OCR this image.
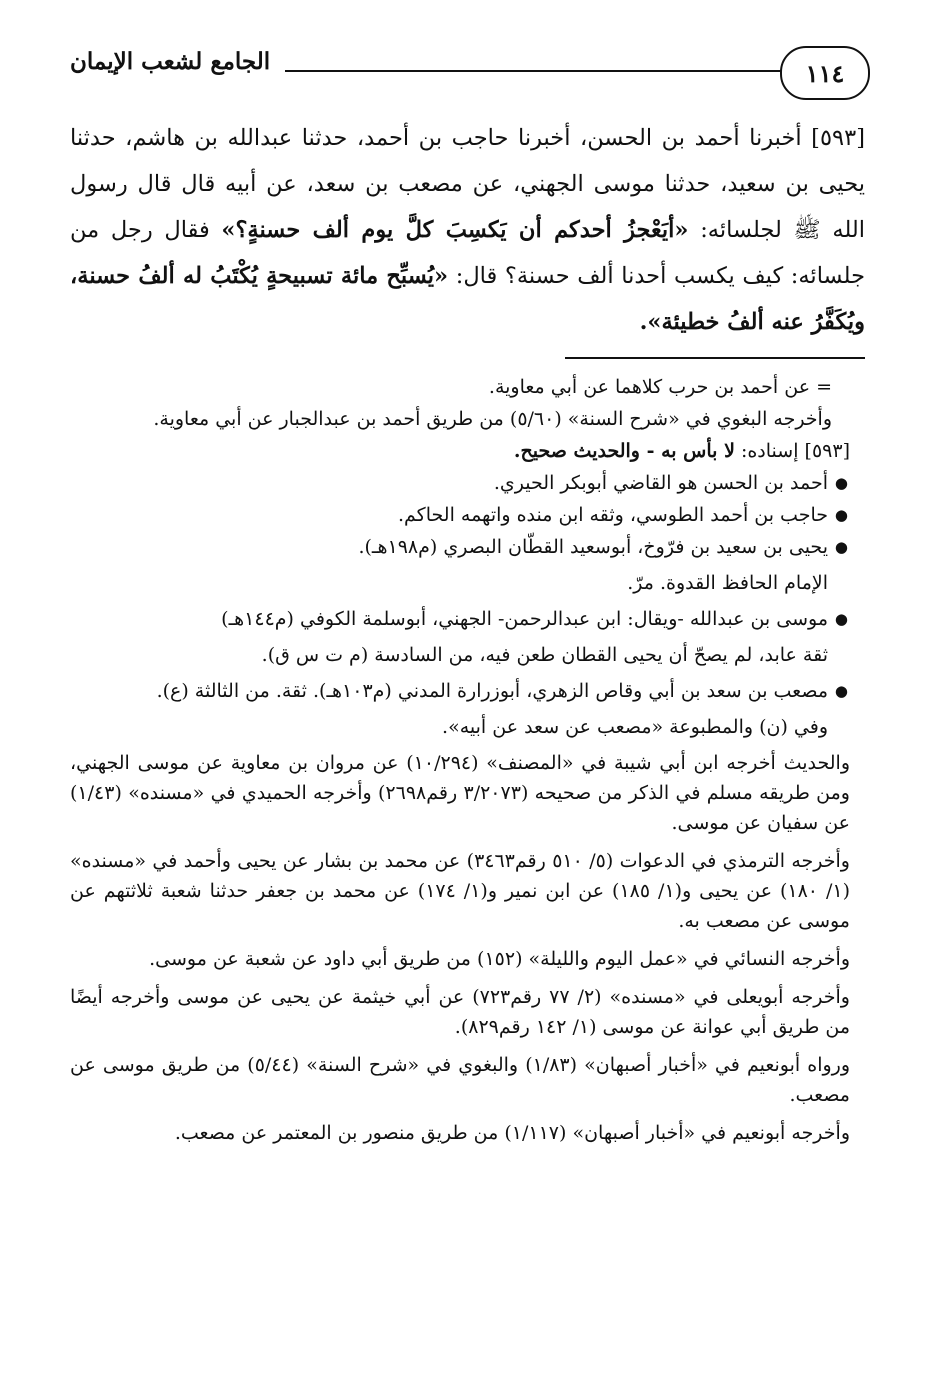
١١٤
الجامع لشعب الإيمان
[٥٩٣] أخبرنا أحمد بن الحسن، أخبرنا حاجب بن أحمد، حدثنا عبدالله بن هاشم، حدثنا يحيى بن سعيد، حدثنا موسى الجهني، عن مصعب بن سعد، عن أبيه قال قال رسول الله ﷺ لجلسائه: «أيَعْجزُ أحدكم أن يَكسِبَ كلَّ يوم ألف حسنةٍ؟» فقال رجل من جلسائه: كيف يكسب أحدنا ألف حسنة؟ قال: «يُسبِّح مائة تسبيحةٍ يُكْتَبُ له ألفُ حسنة، ويُكَفَّرُ عنه ألفُ خطيئة».

= عن أحمد بن حرب كلاهما عن أبي معاوية.

وأخرجه البغوي في «شرح السنة» (٥/٦٠) من طريق أحمد بن عبدالجبار عن أبي معاوية.

[٥٩٣] إسناده: لا بأس به - والحديث صحيح.

●
أحمد بن الحسن هو القاضي أبوبكر الحيري.
●
حاجب بن أحمد الطوسي، وثقه ابن منده واتهمه الحاكم.
●
يحيى بن سعيد بن فرّوخ، أبوسعيد القطّان البصري (م١٩٨هـ).
الإمام الحافظ القدوة. مرّ.
●
موسى بن عبدالله -ويقال: ابن عبدالرحمن- الجهني، أبوسلمة الكوفي (م١٤٤هـ)
ثقة عابد، لم يصحّ أن يحيى القطان طعن فيه، من السادسة (م ت س ق).
●
مصعب بن سعد بن أبي وقاص الزهري، أبوزرارة المدني (م١٠٣هـ). ثقة. من الثالثة (ع).
وفي (ن) والمطبوعة «مصعب عن سعد عن أبيه».

والحديث أخرجه ابن أبي شيبة في «المصنف» (١٠/٢٩٤) عن مروان بن معاوية عن موسى الجهني، ومن طريقه مسلم في الذكر من صحيحه (٣/٢٠٧٣ رقم٢٦٩٨) وأخرجه الحميدي في «مسنده» (١/٤٣) عن سفيان عن موسى.

وأخرجه الترمذي في الدعوات (٥/ ٥١٠ رقم٣٤٦٣) عن محمد بن بشار عن يحيى وأحمد في «مسنده» (١/ ١٨٠) عن يحيى و(١/ ١٨٥) عن ابن نمير و(١/ ١٧٤) عن محمد بن جعفر حدثنا شعبة ثلاثتهم عن موسى عن مصعب به.

وأخرجه النسائي في «عمل اليوم والليلة» (١٥٢) من طريق أبي داود عن شعبة عن موسى.

وأخرجه أبويعلى في «مسنده» (٢/ ٧٧ رقم٧٢٣) عن أبي خيثمة عن يحيى عن موسى وأخرجه أيضًا من طريق أبي عوانة عن موسى (١/ ١٤٢ رقم٨٢٩).

ورواه أبونعيم في «أخبار أصبهان» (١/٨٣) والبغوي في «شرح السنة» (٥/٤٤) من طريق موسى عن مصعب.

وأخرجه أبونعيم في «أخبار أصبهان» (١/١١٧) من طريق منصور بن المعتمر عن مصعب.
